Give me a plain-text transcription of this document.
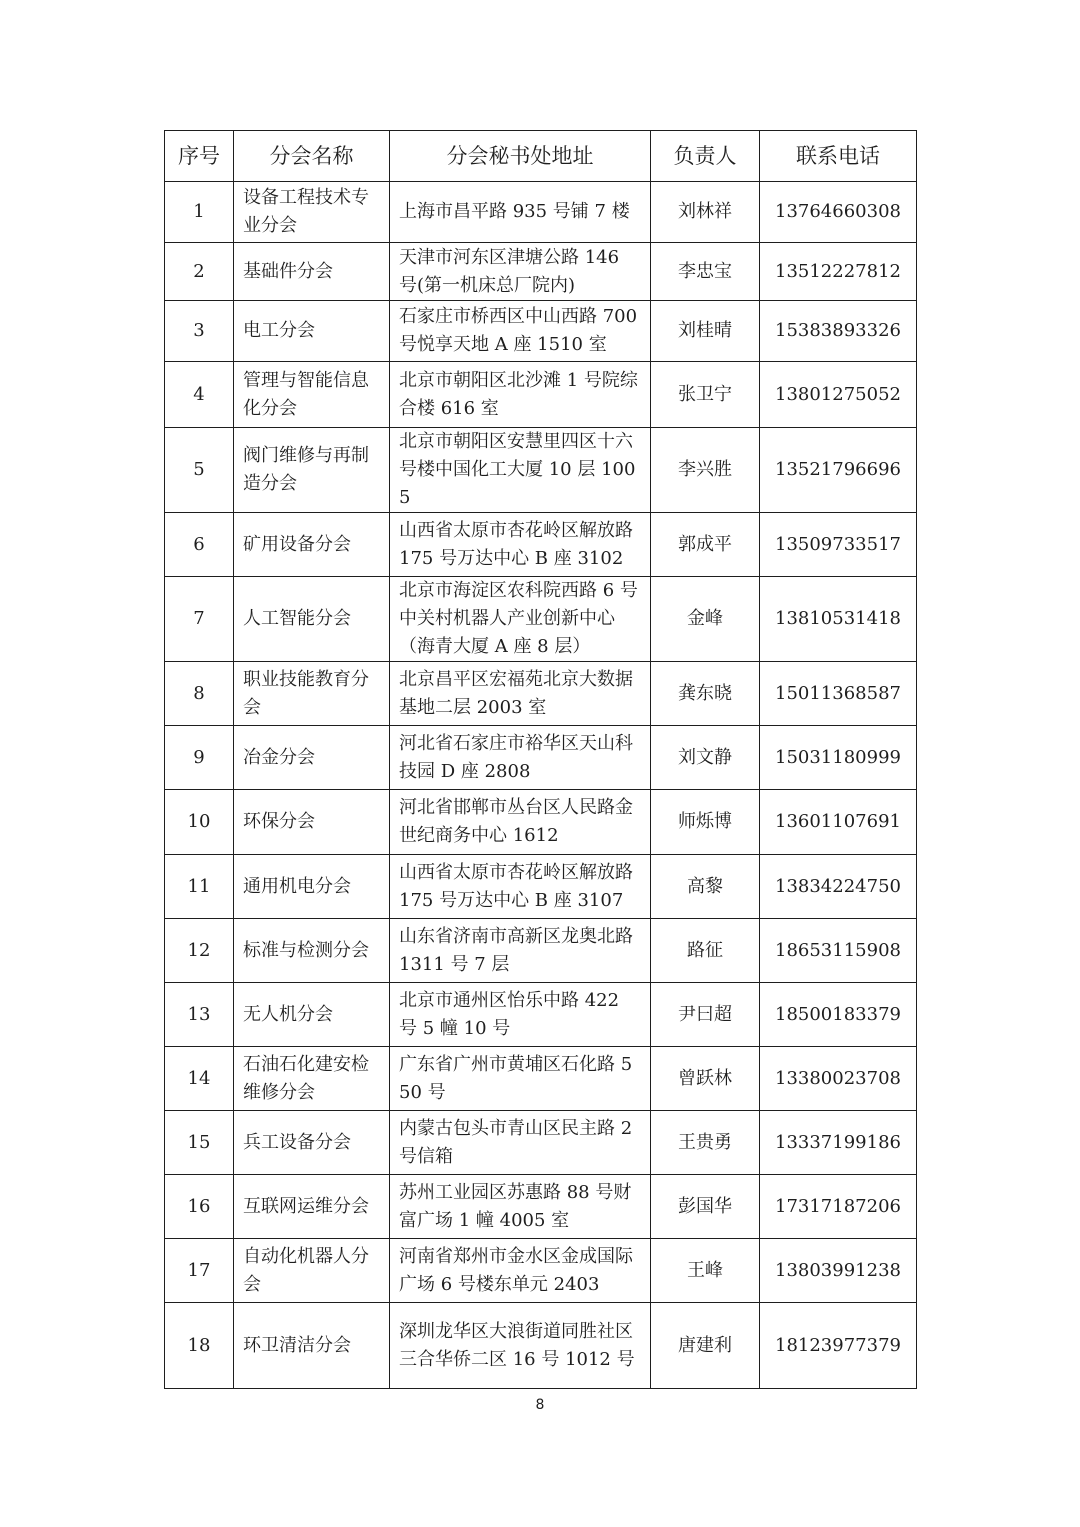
序号	分会名称	分会秘书处地址	负责人	联系电话
1	设备工程技术专业分会	上海市昌平路 935 号铺 7 楼	刘林祥	13764660308
2	基础件分会	天津市河东区津塘公路 146 号(第一机床总厂院内)	李忠宝	13512227812
3	电工分会	石家庄市桥西区中山西路 700 号悦享天地 A 座 1510 室	刘桂晴	15383893326
4	管理与智能信息化分会	北京市朝阳区北沙滩 1 号院综合楼 616 室	张卫宁	13801275052
5	阀门维修与再制造分会	北京市朝阳区安慧里四区十六号楼中国化工大厦 10 层 1005	李兴胜	13521796696
6	矿用设备分会	山西省太原市杏花岭区解放路 175 号万达中心 B 座 3102	郭成平	13509733517
7	人工智能分会	北京市海淀区农科院西路 6 号中关村机器人产业创新中心（海青大厦 A 座 8 层）	金峰	13810531418
8	职业技能教育分会	北京昌平区宏福苑北京大数据基地二层 2003 室	龚东晓	15011368587
9	冶金分会	河北省石家庄市裕华区天山科技园 D 座 2808	刘文静	15031180999
10	环保分会	河北省邯郸市丛台区人民路金世纪商务中心 1612	师烁博	13601107691
11	通用机电分会	山西省太原市杏花岭区解放路 175 号万达中心 B 座 3107	高黎	13834224750
12	标准与检测分会	山东省济南市高新区龙奥北路 1311 号 7 层	路征	18653115908
13	无人机分会	北京市通州区怡乐中路 422 号 5 幢 10 号	尹曰超	18500183379
14	石油石化建安检维修分会	广东省广州市黄埔区石化路 550 号	曾跃林	13380023708
15	兵工设备分会	内蒙古包头市青山区民主路 2 号信箱	王贵勇	13337199186
16	互联网运维分会	苏州工业园区苏惠路 88 号财富广场 1 幢 4005 室	彭国华	17317187206
17	自动化机器人分会	河南省郑州市金水区金成国际广场 6 号楼东单元 2403	王峰	13803991238
18	环卫清洁分会	深圳龙华区大浪街道同胜社区三合华侨二区 16 号 1012 号	唐建利	18123977379
8
